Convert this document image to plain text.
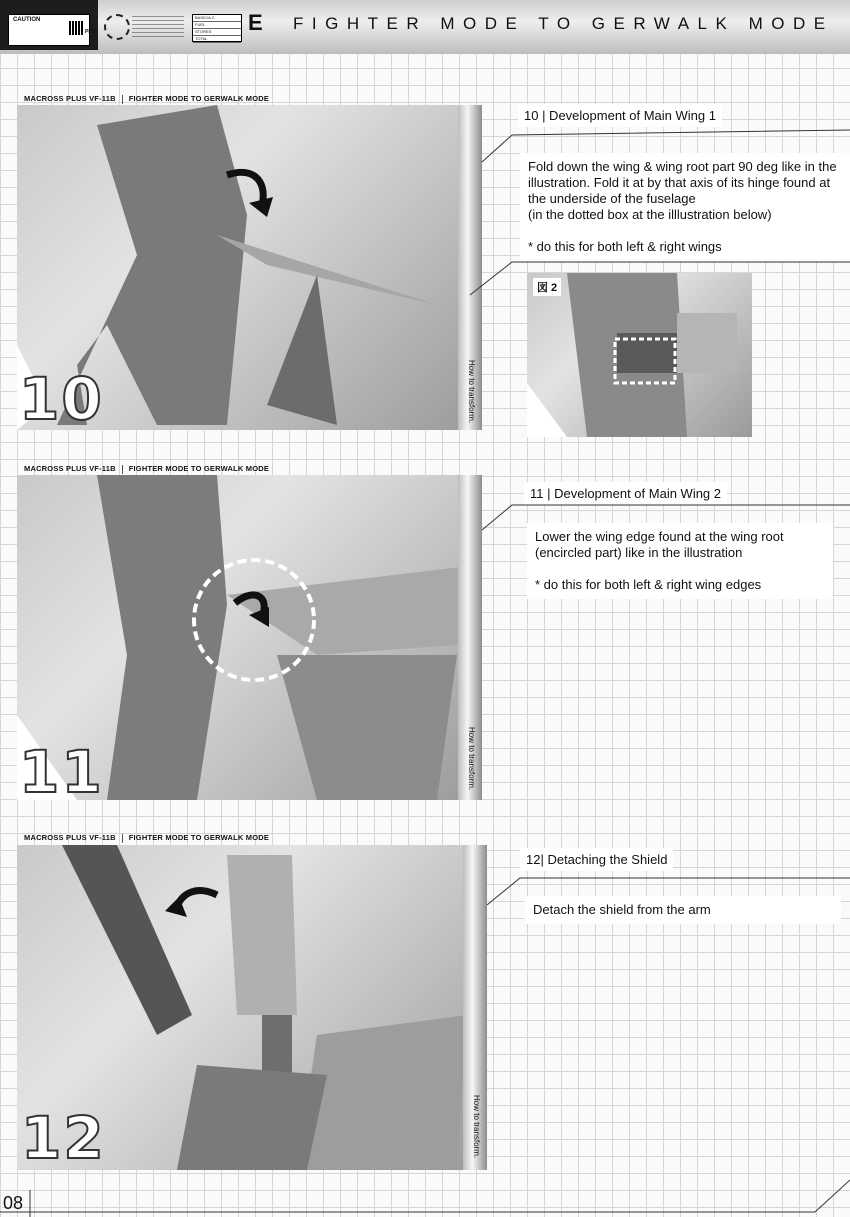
CAUTION
PKG
BASIC/A.C
FUEL
STORES
TOTAL
E	FIGHTER MODE TO GERWALK MODE
MACROSS PLUS VF-11B FIGHTER MODE TO GERWALK MODE
How to transform.
10
10 | Development of Main Wing 1
Fold down the wing & wing root part 90 deg like in the illustration. Fold it at by that axis of its hinge found at the underside of the fuselage
(in the dotted box at the illlustration below)

* do this for both left & right wings
図 2
MACROSS PLUS VF-11B FIGHTER MODE TO GERWALK MODE
How to transform.
11
11 | Development of Main Wing 2
Lower the wing edge found at the wing root
(encircled part) like in the illustration

* do this for both left & right wing edges
MACROSS PLUS VF-11B FIGHTER MODE TO GERWALK MODE
How to transform.
12
12| Detaching the Shield
Detach the shield from the arm
08
